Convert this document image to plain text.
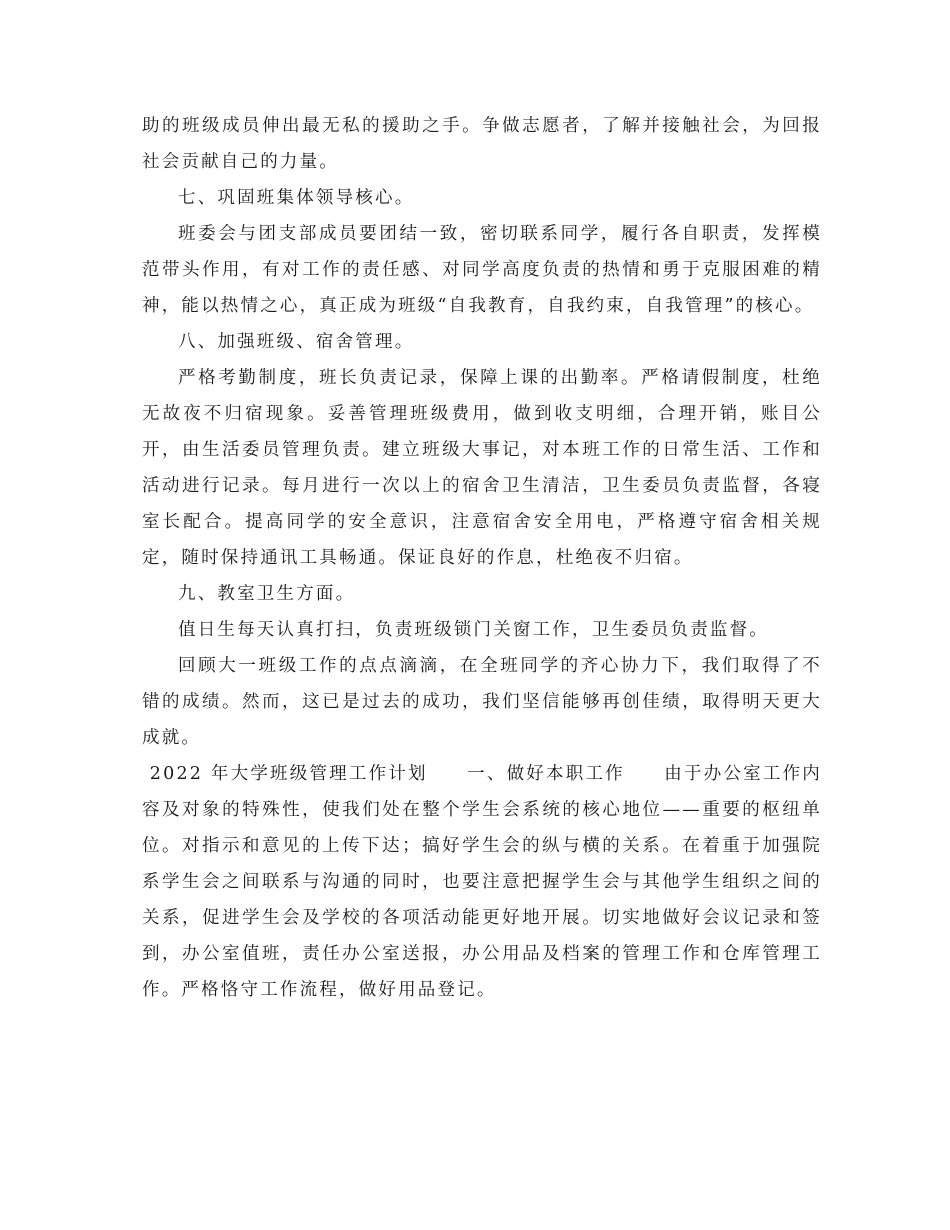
助的班级成员伸出最无私的援助之手。争做志愿者，了解并接触社会，为回报社会贡献自己的力量。

七、巩固班集体领导核心。

班委会与团支部成员要团结一致，密切联系同学，履行各自职责，发挥模范带头作用，有对工作的责任感、对同学高度负责的热情和勇于克服困难的精神，能以热情之心，真正成为班级“自我教育，自我约束，自我管理”的核心。

八、加强班级、宿舍管理。

严格考勤制度，班长负责记录，保障上课的出勤率。严格请假制度，杜绝无故夜不归宿现象。妥善管理班级费用，做到收支明细，合理开销，账目公开，由生活委员管理负责。建立班级大事记，对本班工作的日常生活、工作和活动进行记录。每月进行一次以上的宿舍卫生清洁，卫生委员负责监督，各寝室长配合。提高同学的安全意识，注意宿舍安全用电，严格遵守宿舍相关规定，随时保持通讯工具畅通。保证良好的作息，杜绝夜不归宿。

九、教室卫生方面。

值日生每天认真打扫，负责班级锁门关窗工作，卫生委员负责监督。

回顾大一班级工作的点点滴滴，在全班同学的齐心协力下，我们取得了不错的成绩。然而，这已是过去的成功，我们坚信能够再创佳绩，取得明天更大成就。

2022 年大学班级管理工作计划　　一、做好本职工作　　由于办公室工作内容及对象的特殊性，使我们处在整个学生会系统的核心地位——重要的枢纽单位。对指示和意见的上传下达；搞好学生会的纵与横的关系。在着重于加强院系学生会之间联系与沟通的同时，也要注意把握学生会与其他学生组织之间的关系，促进学生会及学校的各项活动能更好地开展。切实地做好会议记录和签到，办公室值班，责任办公室送报，办公用品及档案的管理工作和仓库管理工作。严格恪守工作流程，做好用品登记。
